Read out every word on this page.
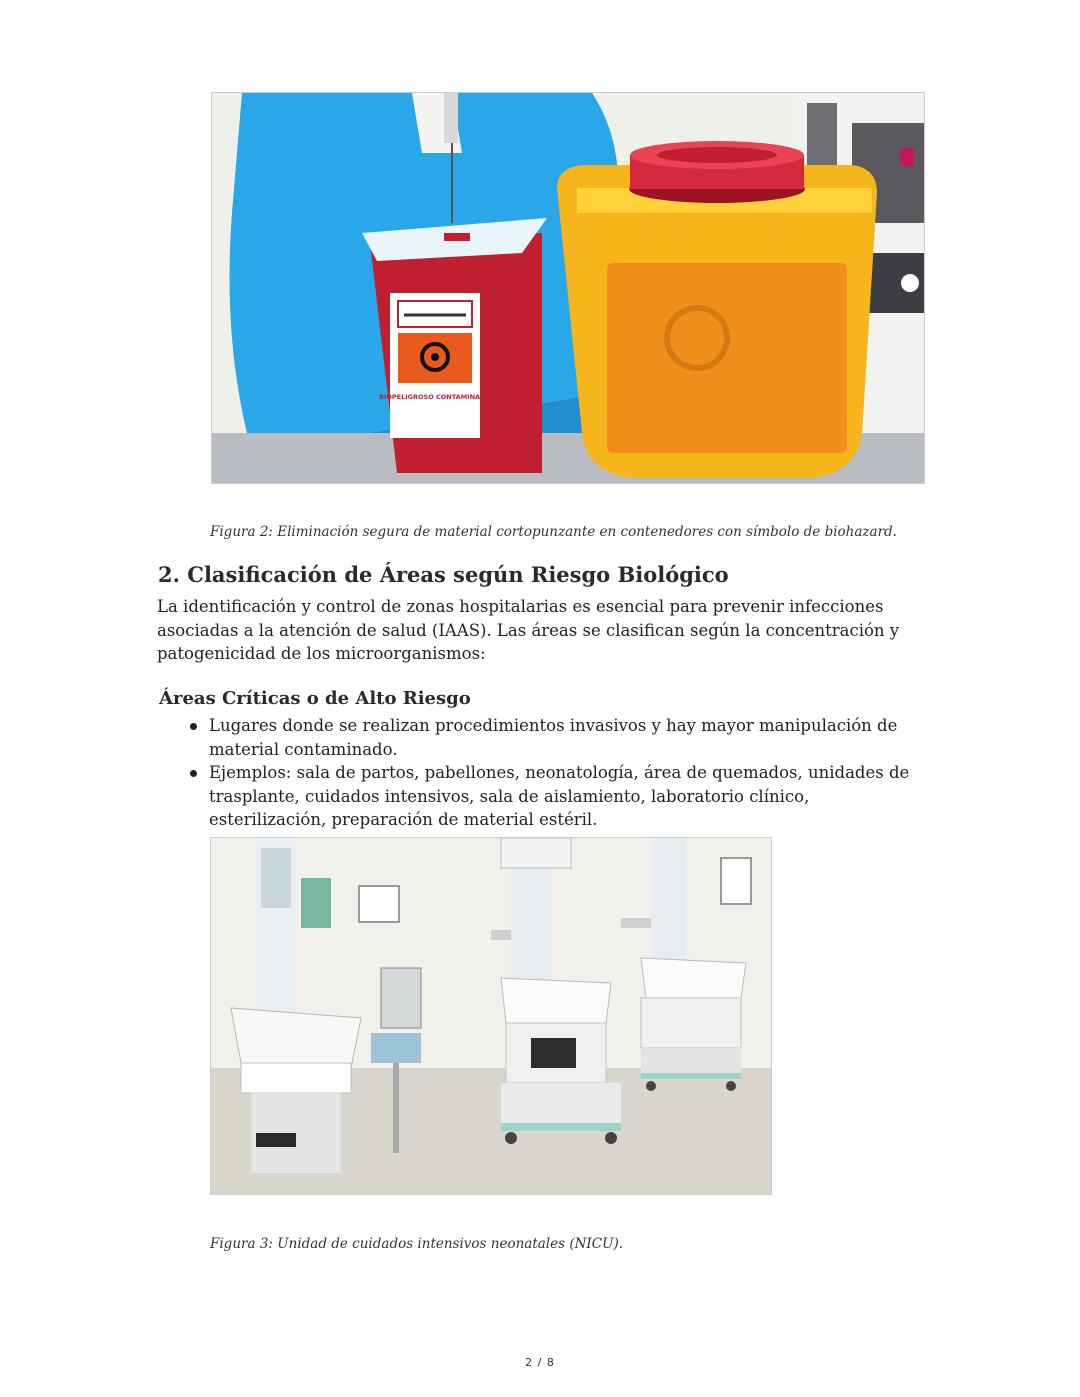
BIOPELIGROSO CONTAMINADO
Figura 2: Eliminación segura de material cortopunzante en contenedores con símbolo de biohazard.
2. Clasificación de Áreas según Riesgo Biológico

La identificación y control de zonas hospitalarias es esencial para prevenir infecciones asociadas a la atención de salud (IAAS). Las áreas se clasifican según la concentración y patogenicidad de los microorganismos:

Áreas Críticas o de Alto Riesgo
Lugares donde se realizan procedimientos invasivos y hay mayor manipulación de material contaminado.
Ejemplos: sala de partos, pabellones, neonatología, área de quemados, unidades de trasplante, cuidados intensivos, sala de aislamiento, laboratorio clínico, esterilización, preparación de material estéril.
Figura 3: Unidad de cuidados intensivos neonatales (NICU).
2 / 8
